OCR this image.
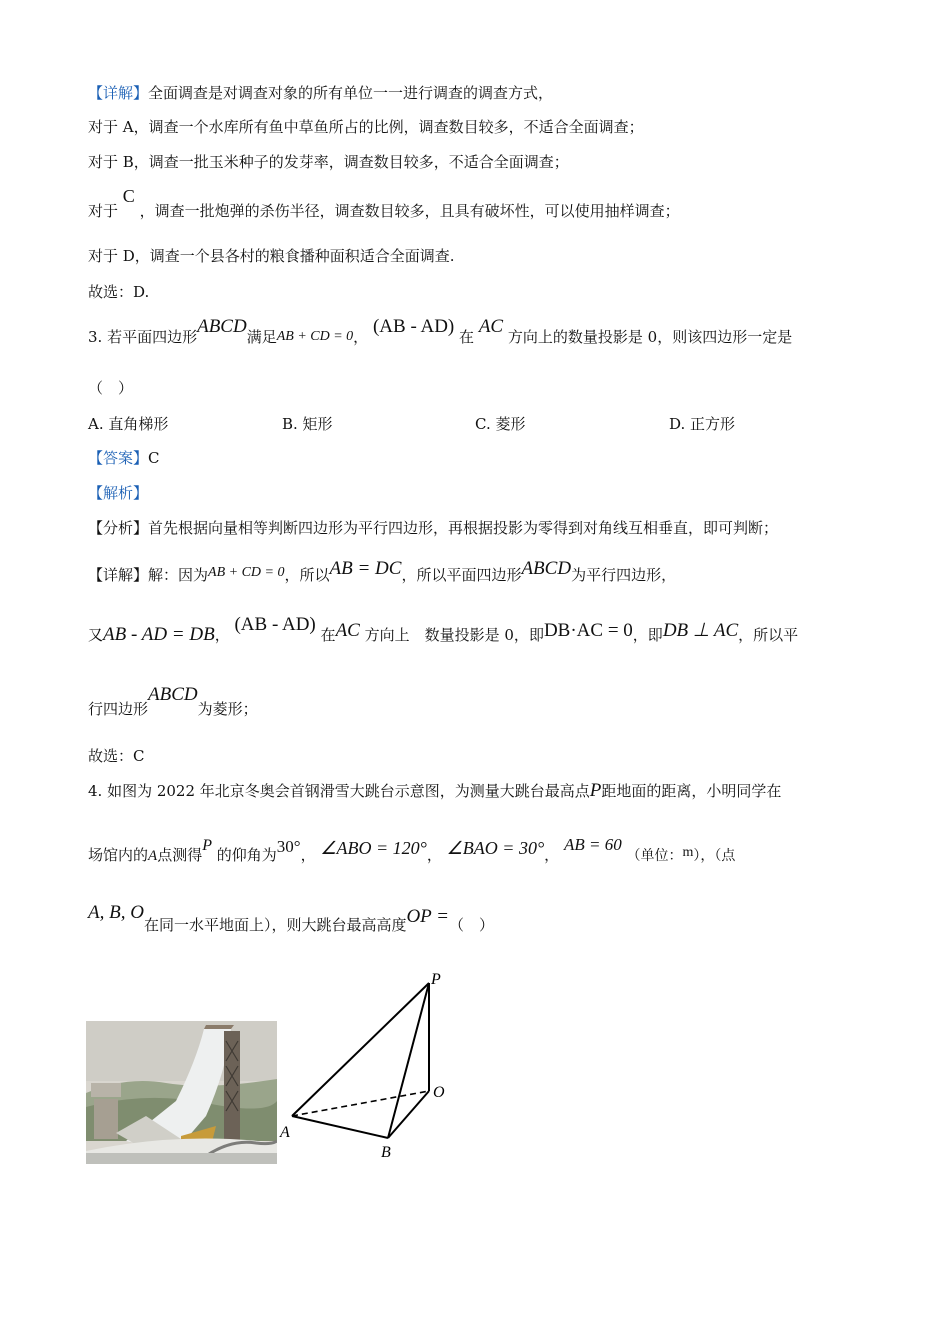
【详解】全面调查是对调查对象的所有单位一一进行调查的调查方式，
对于 A，调查一个水库所有鱼中草鱼所占的比例，调查数目较多，不适合全面调查；
对于 B，调查一批玉米种子的发芽率，调查数目较多，不适合全面调查；
对于 C ，调查一批炮弹的杀伤半径，调查数目较多，且具有破坏性，可以使用抽样调查；
对于 D，调查一个县各村的粮食播种面积适合全面调查.
故选：D.
3. 若平面四边形ABCD满足AB + CD = 0， (AB - AD) 在 AC 方向上的数量投影是 0，则该四边形一定是
（　）
A. 直角梯形	B. 矩形	C. 菱形	D. 正方形
【答案】C
【解析】
【分析】首先根据向量相等判断四边形为平行四边形，再根据投影为零得到对角线互相垂直，即可判断；
【详解】解：因为AB + CD = 0，所以AB = DC，所以平面四边形ABCD为平行四边形，
又AB - AD = DB， (AB - AD) 在AC 方向上　数量投影是 0，即DB·AC = 0，即DB ⊥ AC，所以平
行四边形ABCD为菱形；
故选：C
4. 如图为 2022 年北京冬奥会首钢滑雪大跳台示意图，为测量大跳台最高点P距地面的距离，小明同学在
场馆内的A点测得P 的仰角为30°， ∠ABO = 120°， ∠BAO = 30°， AB = 60 （单位：m），（点
A, B, O在同一水平地面上），则大跳台最高高度OP =（　）
P
O
A
B
